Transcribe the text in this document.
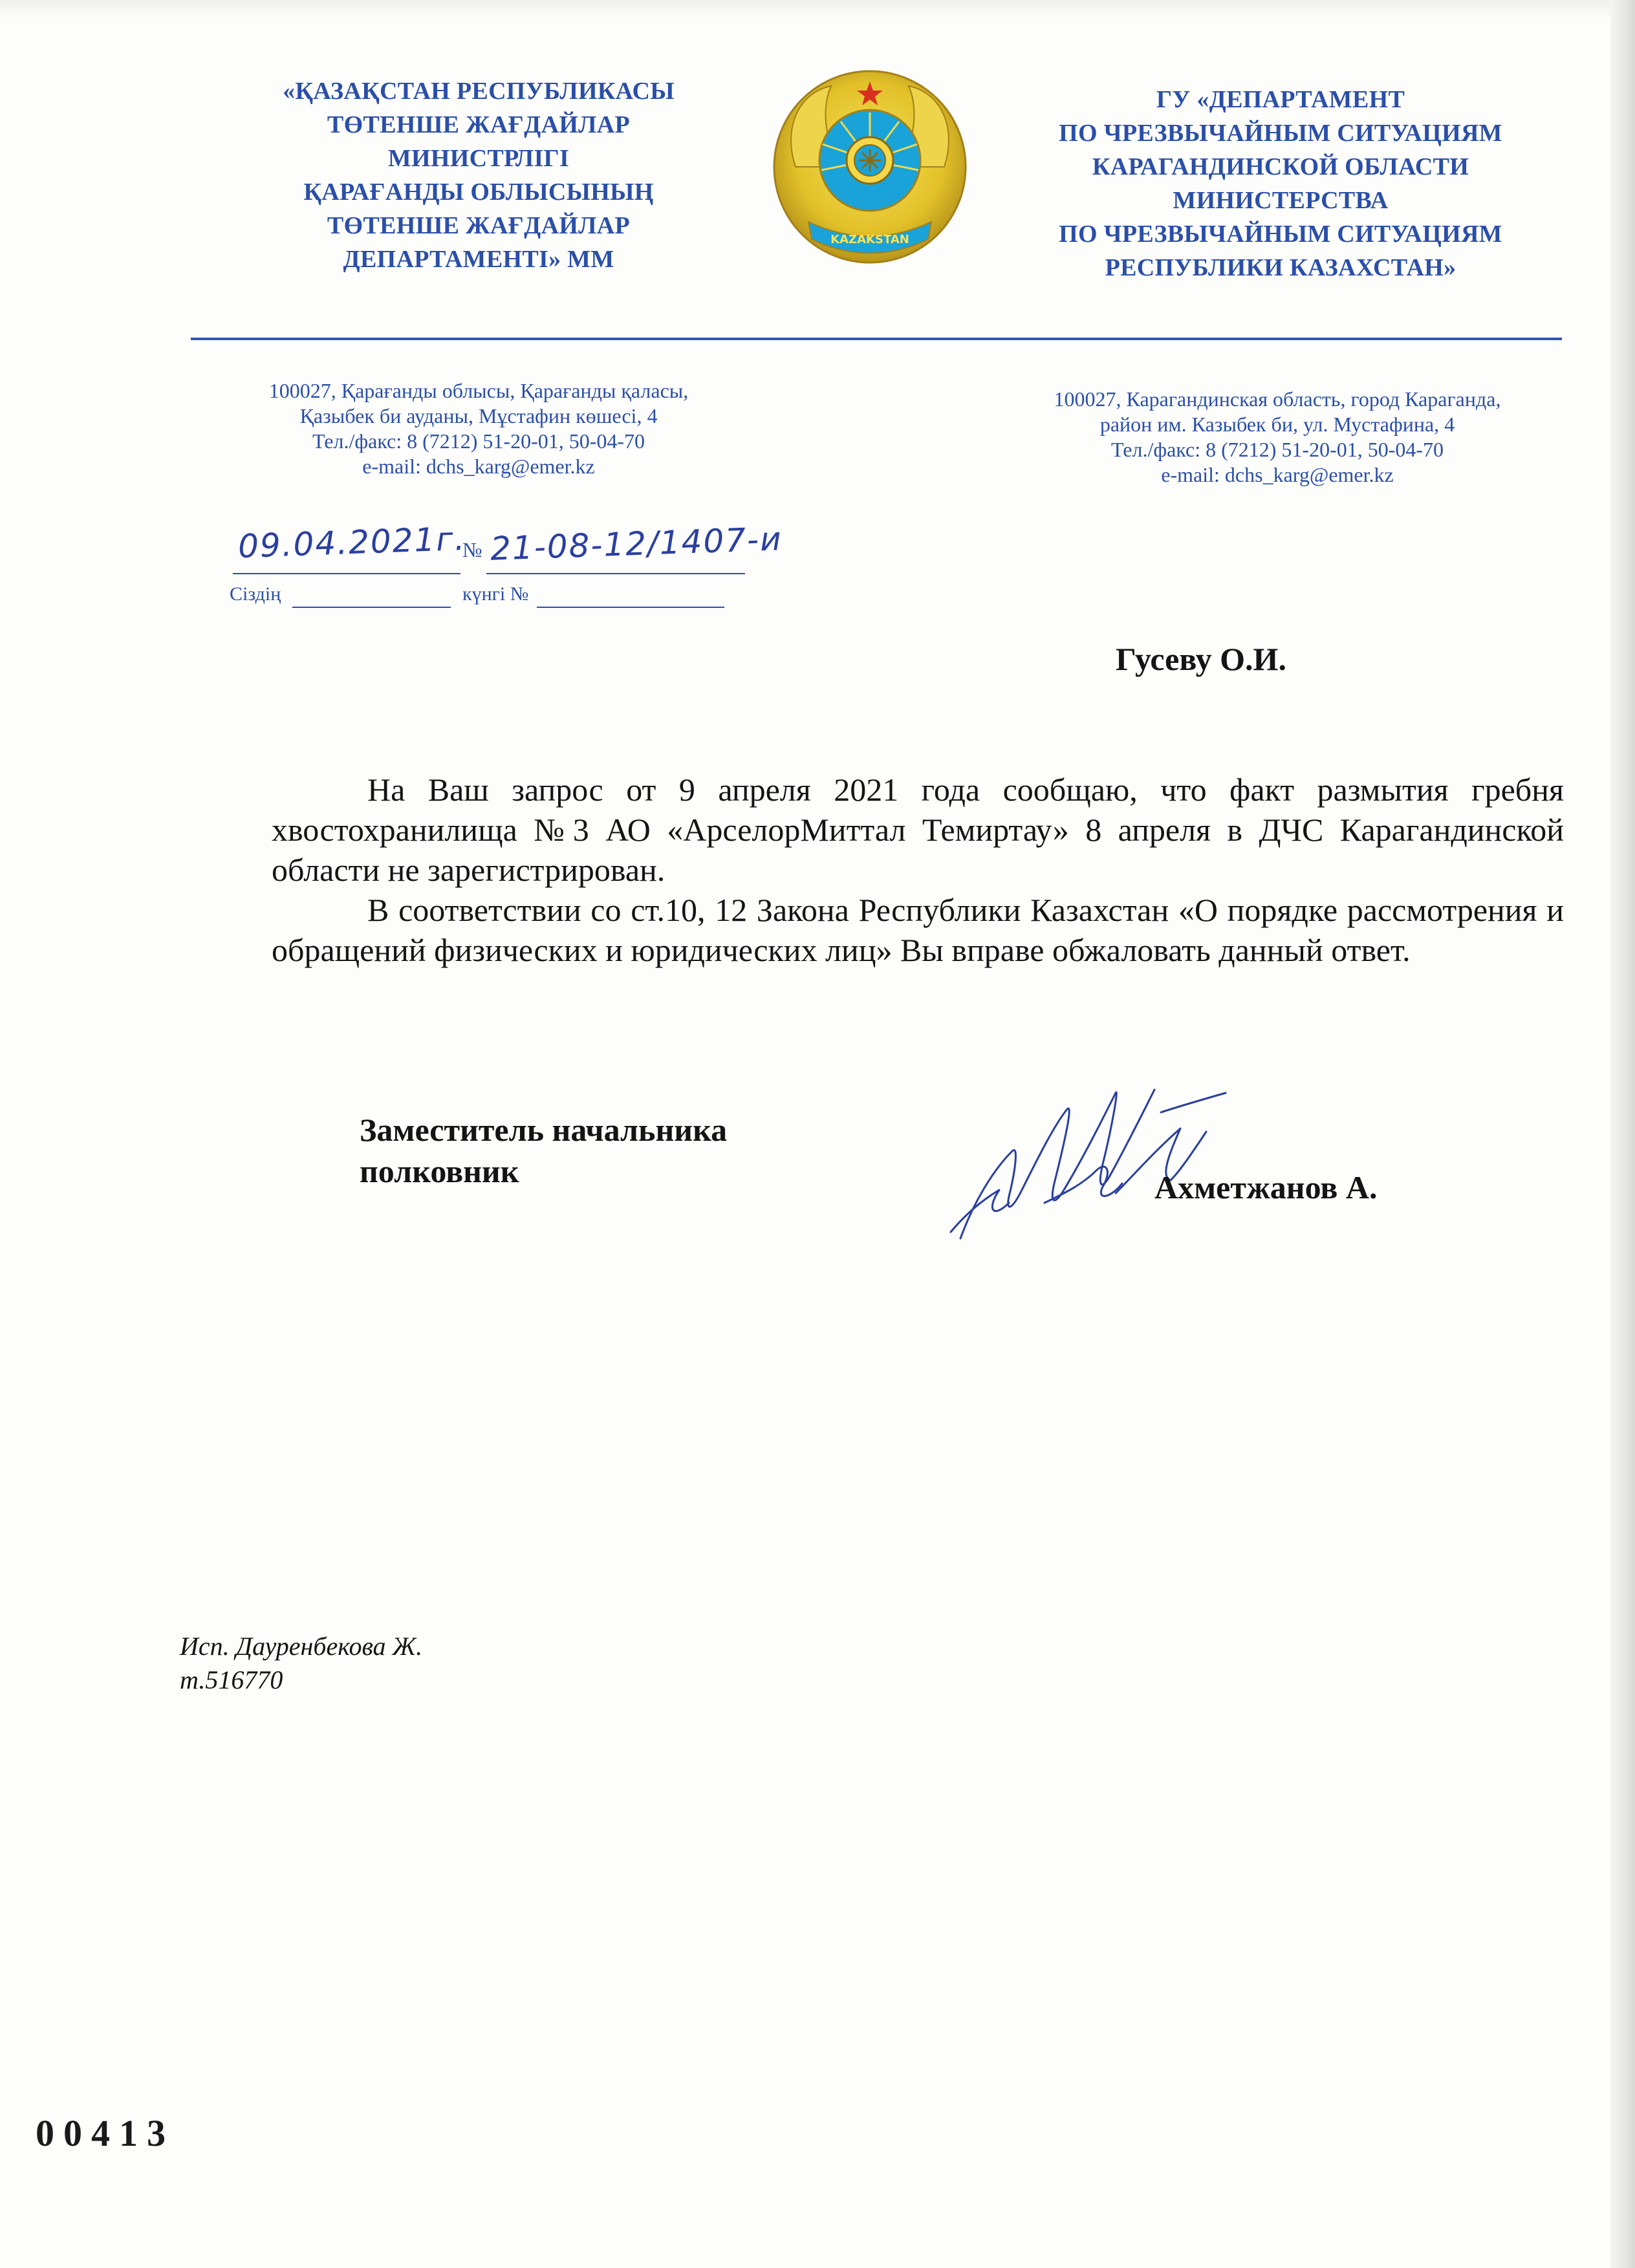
«ҚАЗАҚСТАН РЕСПУБЛИКАСЫ
ТӨТЕНШЕ ЖАҒДАЙЛАР
МИНИСТРЛІГІ
ҚАРАҒАНДЫ ОБЛЫСЫНЫҢ
ТӨТЕНШЕ ЖАҒДАЙЛАР
ДЕПАРТАМЕНТІ» ММ
KAZAKSTAN
ГУ «ДЕПАРТАМЕНТ
ПО ЧРЕЗВЫЧАЙНЫМ СИТУАЦИЯМ
КАРАГАНДИНСКОЙ ОБЛАСТИ
МИНИСТЕРСТВА
ПО ЧРЕЗВЫЧАЙНЫМ СИТУАЦИЯМ
РЕСПУБЛИКИ КАЗАХСТАН»
100027, Қарағанды облысы, Қарағанды қаласы,
Қазыбек би ауданы, Мұстафин көшесі, 4
Тел./факс: 8 (7212) 51-20-01, 50-04-70
e-mail: dchs_karg@emer.kz
100027, Карагандинская область, город Караганда,
район им. Казыбек би, ул. Мустафина, 4
Тел./факс: 8 (7212) 51-20-01, 50-04-70
e-mail: dchs_karg@emer.kz
09.04.2021г.
№ 21-08-12/1407-и
Сіздің	күнгі №
Гусеву О.И.

На Ваш запрос от 9 апреля 2021 года сообщаю, что факт размытия гребня хвостохранилища №3 АО «АрселорМиттал Темиртау» 8 апреля в ДЧС Карагандинской области не зарегистрирован.

В соответствии со ст.10, 12 Закона Республики Казахстан «О порядке рассмотрения и обращений физических и юридических лиц» Вы вправе обжаловать данный ответ.

Заместитель начальника
полковник	Ахметжанов А.
Исп. Дауренбекова Ж.
т.516770
00413
